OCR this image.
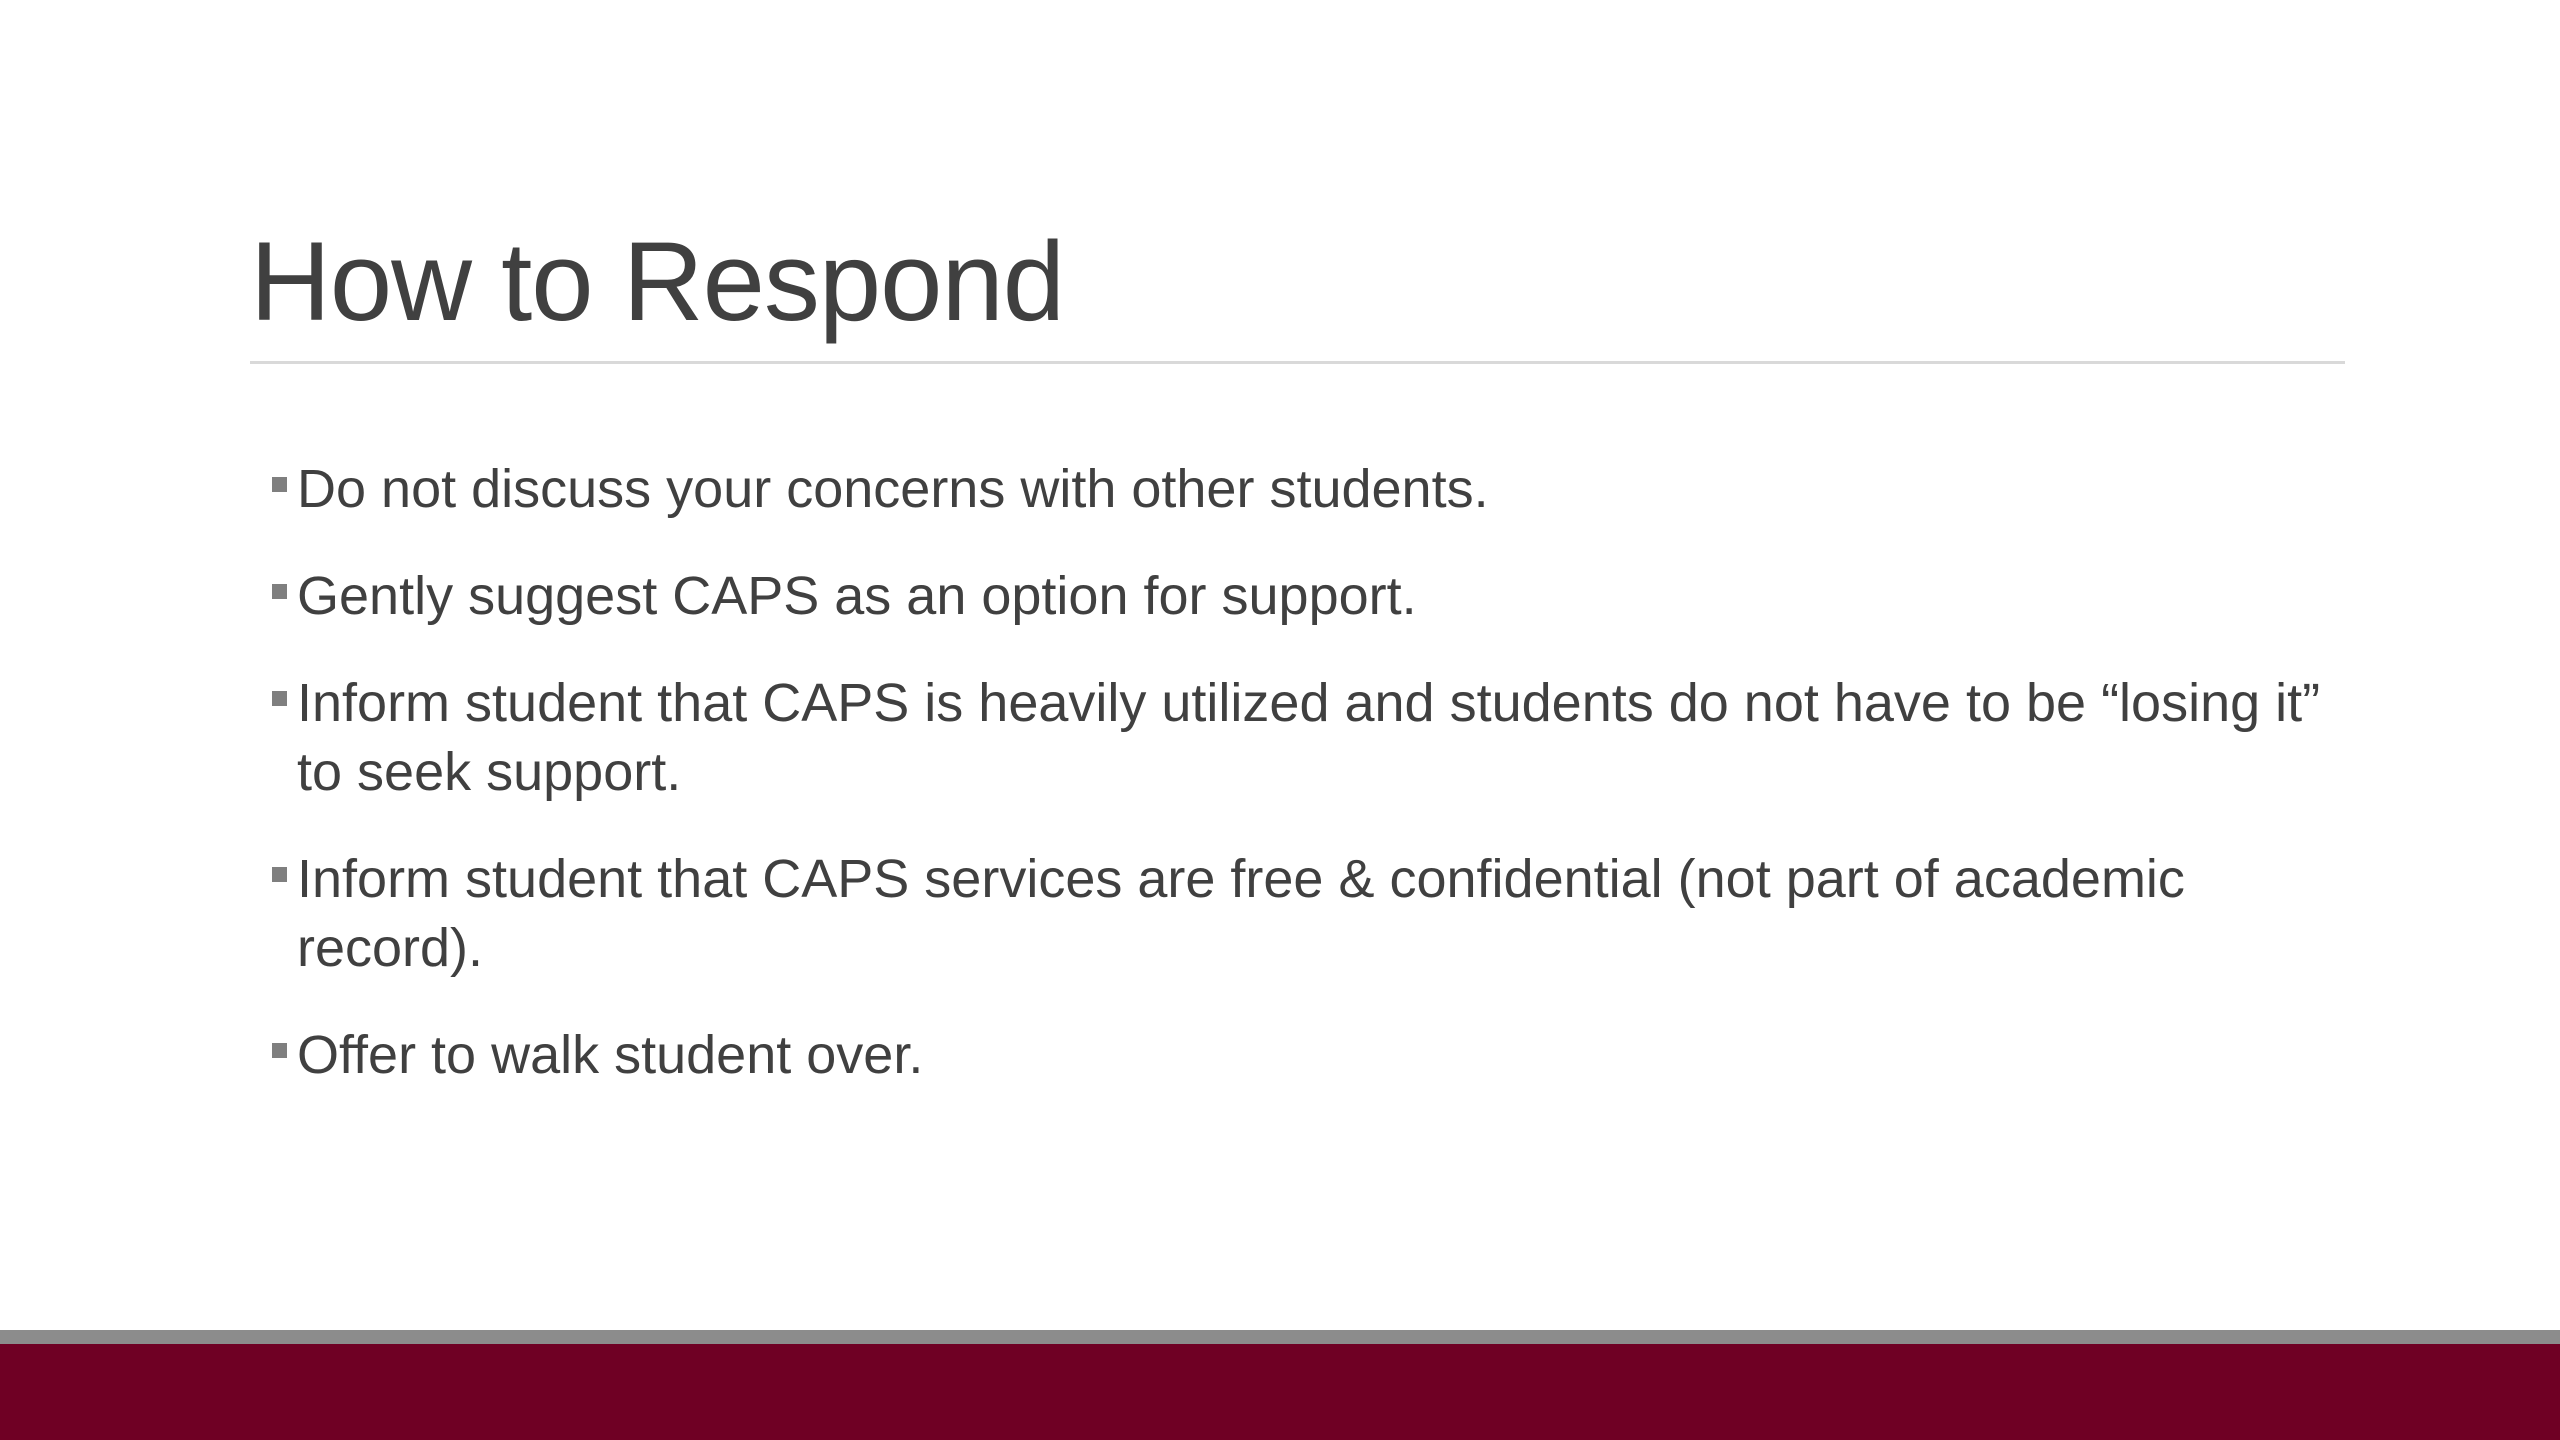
How to Respond
Do not discuss your concerns with other students.
Gently suggest CAPS as an option for support.
Inform student that CAPS is heavily utilized and students do not have to be “losing it” to seek support.
Inform student that CAPS services are free & confidential (not part of academic record).
Offer to walk student over.
